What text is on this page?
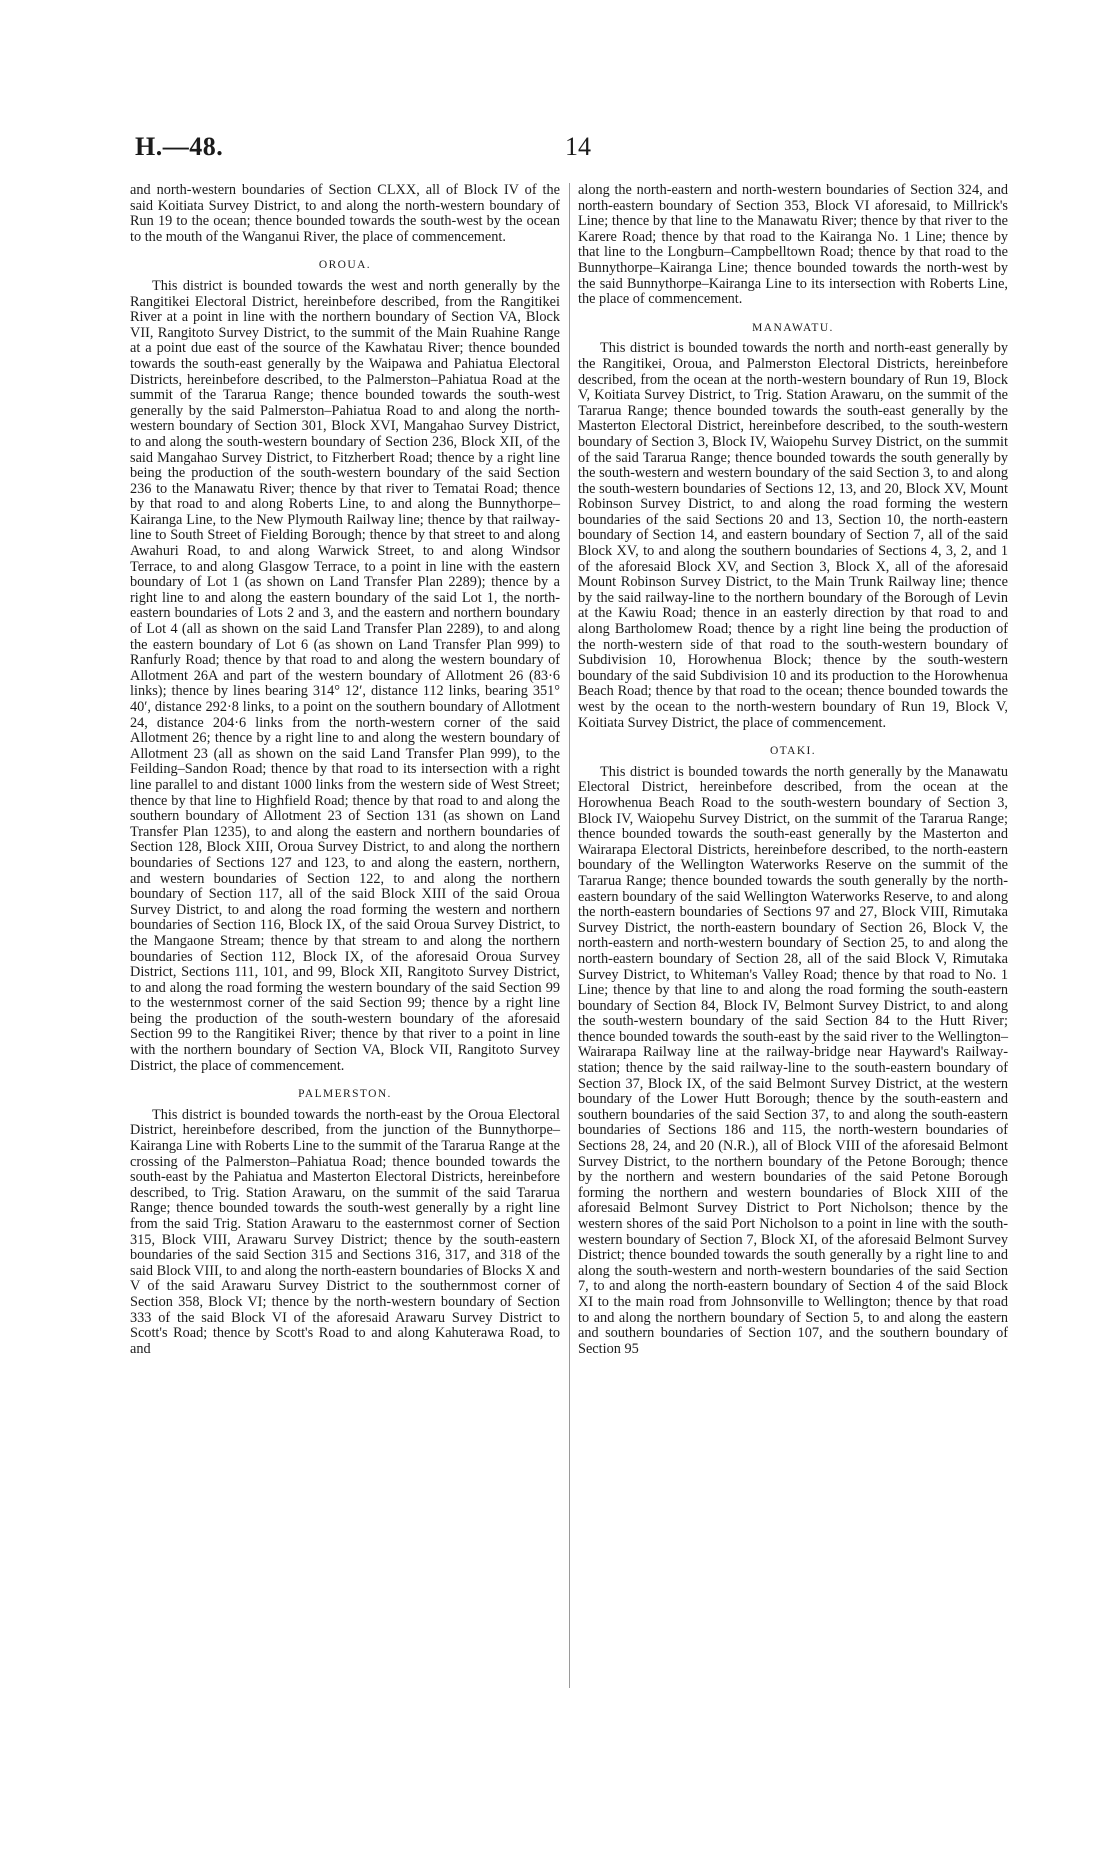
H.—48.	14

and north-western boundaries of Section CLXX, all of Block IV of the said Koitiata Survey District, to and along the north-western boundary of Run 19 to the ocean; thence bounded towards the south-west by the ocean to the mouth of the Wanganui River, the place of commencement.

OROUA.

This district is bounded towards the west and north generally by the Rangitikei Electoral District, hereinbefore described, from the Rangitikei River at a point in line with the northern boundary of Section VA, Block VII, Rangitoto Survey District, to the summit of the Main Ruahine Range at a point due east of the source of the Kawhatau River; thence bounded towards the south-east generally by the Waipawa and Pahiatua Electoral Districts, hereinbefore described, to the Palmerston–Pahiatua Road at the summit of the Tararua Range; thence bounded towards the south-west generally by the said Palmerston–Pahiatua Road to and along the north-western boundary of Section 301, Block XVI, Mangahao Survey District, to and along the south-western boundary of Section 236, Block XII, of the said Mangahao Survey District, to Fitzherbert Road; thence by a right line being the production of the south-western boundary of the said Section 236 to the Manawatu River; thence by that river to Tematai Road; thence by that road to and along Roberts Line, to and along the Bunnythorpe–Kairanga Line, to the New Plymouth Railway line; thence by that railway-line to South Street of Fielding Borough; thence by that street to and along Awahuri Road, to and along Warwick Street, to and along Windsor Terrace, to and along Glasgow Terrace, to a point in line with the eastern boundary of Lot 1 (as shown on Land Transfer Plan 2289); thence by a right line to and along the eastern boundary of the said Lot 1, the north-eastern boundaries of Lots 2 and 3, and the eastern and northern boundary of Lot 4 (all as shown on the said Land Transfer Plan 2289), to and along the eastern boundary of Lot 6 (as shown on Land Transfer Plan 999) to Ranfurly Road; thence by that road to and along the western boundary of Allotment 26A and part of the western boundary of Allotment 26 (83·6 links); thence by lines bearing 314° 12′, distance 112 links, bearing 351° 40′, distance 292·8 links, to a point on the southern boundary of Allotment 24, distance 204·6 links from the north-western corner of the said Allotment 26; thence by a right line to and along the western boundary of Allotment 23 (all as shown on the said Land Transfer Plan 999), to the Feilding–Sandon Road; thence by that road to its intersection with a right line parallel to and distant 1000 links from the western side of West Street; thence by that line to Highfield Road; thence by that road to and along the southern boundary of Allotment 23 of Section 131 (as shown on Land Transfer Plan 1235), to and along the eastern and northern boundaries of Section 128, Block XIII, Oroua Survey District, to and along the northern boundaries of Sections 127 and 123, to and along the eastern, northern, and western boundaries of Section 122, to and along the northern boundary of Section 117, all of the said Block XIII of the said Oroua Survey District, to and along the road forming the western and northern boundaries of Section 116, Block IX, of the said Oroua Survey District, to the Mangaone Stream; thence by that stream to and along the northern boundaries of Section 112, Block IX, of the aforesaid Oroua Survey District, Sections 111, 101, and 99, Block XII, Rangitoto Survey District, to and along the road forming the western boundary of the said Section 99 to the westernmost corner of the said Section 99; thence by a right line being the production of the south-western boundary of the aforesaid Section 99 to the Rangitikei River; thence by that river to a point in line with the northern boundary of Section VA, Block VII, Rangitoto Survey District, the place of commencement.

PALMERSTON.

This district is bounded towards the north-east by the Oroua Electoral District, hereinbefore described, from the junction of the Bunnythorpe–Kairanga Line with Roberts Line to the summit of the Tararua Range at the crossing of the Palmerston–Pahiatua Road; thence bounded towards the south-east by the Pahiatua and Masterton Electoral Districts, hereinbefore described, to Trig. Station Arawaru, on the summit of the said Tararua Range; thence bounded towards the south-west generally by a right line from the said Trig. Station Arawaru to the easternmost corner of Section 315, Block VIII, Arawaru Survey District; thence by the south-eastern boundaries of the said Section 315 and Sections 316, 317, and 318 of the said Block VIII, to and along the north-eastern boundaries of Blocks X and V of the said Arawaru Survey District to the southernmost corner of Section 358, Block VI; thence by the north-western boundary of Section 333 of the said Block VI of the aforesaid Arawaru Survey District to Scott's Road; thence by Scott's Road to and along Kahuterawa Road, to and

along the north-eastern and north-western boundaries of Section 324, and north-eastern boundary of Section 353, Block VI aforesaid, to Millrick's Line; thence by that line to the Manawatu River; thence by that river to the Karere Road; thence by that road to the Kairanga No. 1 Line; thence by that line to the Longburn–Campbelltown Road; thence by that road to the Bunnythorpe–Kairanga Line; thence bounded towards the north-west by the said Bunnythorpe–Kairanga Line to its intersection with Roberts Line, the place of commencement.

MANAWATU.

This district is bounded towards the north and north-east generally by the Rangitikei, Oroua, and Palmerston Electoral Districts, hereinbefore described, from the ocean at the north-western boundary of Run 19, Block V, Koitiata Survey District, to Trig. Station Arawaru, on the summit of the Tararua Range; thence bounded towards the south-east generally by the Masterton Electoral District, hereinbefore described, to the south-western boundary of Section 3, Block IV, Waiopehu Survey District, on the summit of the said Tararua Range; thence bounded towards the south generally by the south-western and western boundary of the said Section 3, to and along the south-western boundaries of Sections 12, 13, and 20, Block XV, Mount Robinson Survey District, to and along the road forming the western boundaries of the said Sections 20 and 13, Section 10, the north-eastern boundary of Section 14, and eastern boundary of Section 7, all of the said Block XV, to and along the southern boundaries of Sections 4, 3, 2, and 1 of the aforesaid Block XV, and Section 3, Block X, all of the aforesaid Mount Robinson Survey District, to the Main Trunk Railway line; thence by the said railway-line to the northern boundary of the Borough of Levin at the Kawiu Road; thence in an easterly direction by that road to and along Bartholomew Road; thence by a right line being the production of the north-western side of that road to the south-western boundary of Subdivision 10, Horowhenua Block; thence by the south-western boundary of the said Subdivision 10 and its production to the Horowhenua Beach Road; thence by that road to the ocean; thence bounded towards the west by the ocean to the north-western boundary of Run 19, Block V, Koitiata Survey District, the place of commencement.

OTAKI.

This district is bounded towards the north generally by the Manawatu Electoral District, hereinbefore described, from the ocean at the Horowhenua Beach Road to the south-western boundary of Section 3, Block IV, Waiopehu Survey District, on the summit of the Tararua Range; thence bounded towards the south-east generally by the Masterton and Wairarapa Electoral Districts, hereinbefore described, to the north-eastern boundary of the Wellington Waterworks Reserve on the summit of the Tararua Range; thence bounded towards the south generally by the north-eastern boundary of the said Wellington Waterworks Reserve, to and along the north-eastern boundaries of Sections 97 and 27, Block VIII, Rimutaka Survey District, the north-eastern boundary of Section 26, Block V, the north-eastern and north-western boundary of Section 25, to and along the north-eastern boundary of Section 28, all of the said Block V, Rimutaka Survey District, to Whiteman's Valley Road; thence by that road to No. 1 Line; thence by that line to and along the road forming the south-eastern boundary of Section 84, Block IV, Belmont Survey District, to and along the south-western boundary of the said Section 84 to the Hutt River; thence bounded towards the south-east by the said river to the Wellington–Wairarapa Railway line at the railway-bridge near Hayward's Railway-station; thence by the said railway-line to the south-eastern boundary of Section 37, Block IX, of the said Belmont Survey District, at the western boundary of the Lower Hutt Borough; thence by the south-eastern and southern boundaries of the said Section 37, to and along the south-eastern boundaries of Sections 186 and 115, the north-western boundaries of Sections 28, 24, and 20 (N.R.), all of Block VIII of the aforesaid Belmont Survey District, to the northern boundary of the Petone Borough; thence by the northern and western boundaries of the said Petone Borough forming the northern and western boundaries of Block XIII of the aforesaid Belmont Survey District to Port Nicholson; thence by the western shores of the said Port Nicholson to a point in line with the south-western boundary of Section 7, Block XI, of the aforesaid Belmont Survey District; thence bounded towards the south generally by a right line to and along the south-western and north-western boundaries of the said Section 7, to and along the north-eastern boundary of Section 4 of the said Block XI to the main road from Johnsonville to Wellington; thence by that road to and along the northern boundary of Section 5, to and along the eastern and southern boundaries of Section 107, and the southern boundary of Section 95
